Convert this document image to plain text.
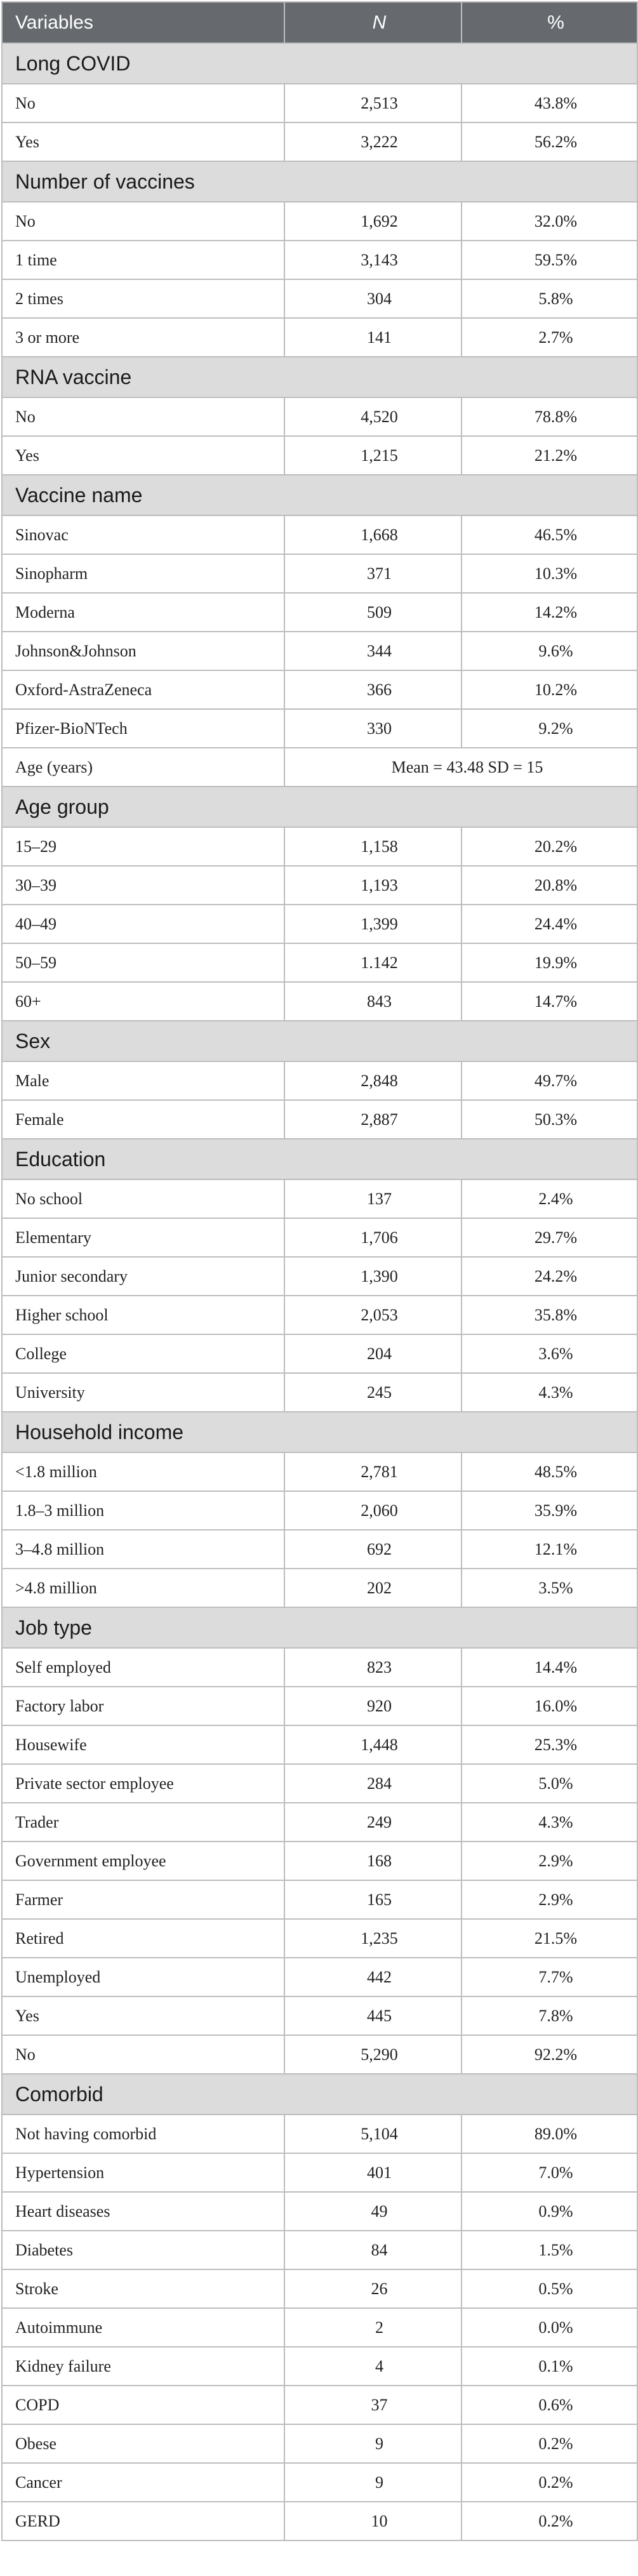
Variables	N	%
Long COVID		
No	2,513	43.8%
Yes	3,222	56.2%
Number of vaccines		
No	1,692	32.0%
1 time	3,143	59.5%
2 times	304	5.8%
3 or more	141	2.7%
RNA vaccine		
No	4,520	78.8%
Yes	1,215	21.2%
Vaccine name		
Sinovac	1,668	46.5%
Sinopharm	371	10.3%
Moderna	509	14.2%
Johnson&Johnson	344	9.6%
Oxford-AstraZeneca	366	10.2%
Pfizer-BioNTech	330	9.2%
Age (years)	Mean = 43.48 SD = 15	
Age group		
15–29	1,158	20.2%
30–39	1,193	20.8%
40–49	1,399	24.4%
50–59	1.142	19.9%
60+	843	14.7%
Sex		
Male	2,848	49.7%
Female	2,887	50.3%
Education		
No school	137	2.4%
Elementary	1,706	29.7%
Junior secondary	1,390	24.2%
Higher school	2,053	35.8%
College	204	3.6%
University	245	4.3%
Household income		
<1.8 million	2,781	48.5%
1.8–3 million	2,060	35.9%
3–4.8 million	692	12.1%
>4.8 million	202	3.5%
Job type		
Self employed	823	14.4%
Factory labor	920	16.0%
Housewife	1,448	25.3%
Private sector employee	284	5.0%
Trader	249	4.3%
Government employee	168	2.9%
Farmer	165	2.9%
Retired	1,235	21.5%
Unemployed	442	7.7%
Yes	445	7.8%
No	5,290	92.2%
Comorbid		
Not having comorbid	5,104	89.0%
Hypertension	401	7.0%
Heart diseases	49	0.9%
Diabetes	84	1.5%
Stroke	26	0.5%
Autoimmune	2	0.0%
Kidney failure	4	0.1%
COPD	37	0.6%
Obese	9	0.2%
Cancer	9	0.2%
GERD	10	0.2%
